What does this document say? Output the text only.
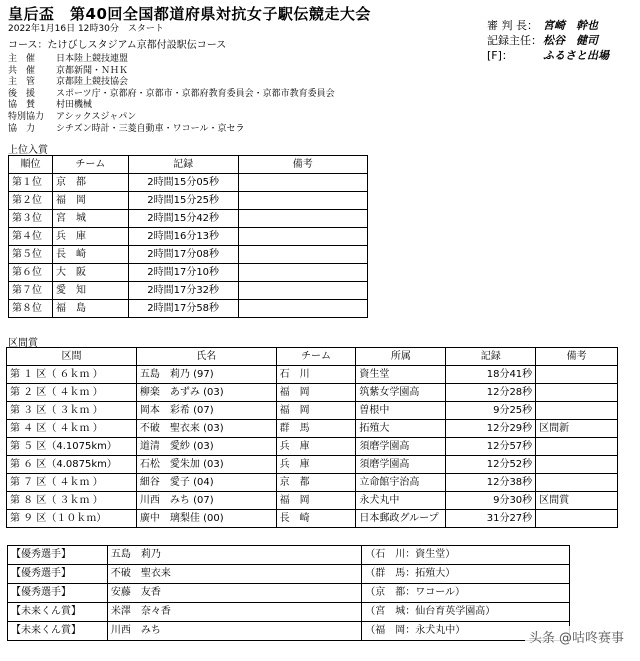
皇后盃　第40回全国都道府県対抗女子駅伝競走大会
2022年1月16日 12時30分　スタート
コース：たけびしスタジアム京都付設駅伝コース
主　催	日本陸上競技連盟
共　催	京都新聞・ＮＨＫ
主　管	京都陸上競技協会
後　援	スポーツ庁・京都府・京都市・京都府教育委員会・京都市教育委員会
協　賛	村田機械
特別協力	アシックスジャパン
協　力	シチズン時計・三菱自動車・ワコール・京セラ
審 判 長： 宮崎　幹也
記録主任： 松谷　健司
[F]：	ふるさと出場
上位入賞
順位	チーム	記録	備考
第１位	京　都	2時間15分05秒	
第２位	福　岡	2時間15分25秒	
第３位	宮　城	2時間15分42秒	
第４位	兵　庫	2時間16分13秒	
第５位	長　崎	2時間17分08秒	
第６位	大　阪	2時間17分10秒	
第７位	愛　知	2時間17分32秒	
第８位	福　島	2時間17分58秒	
区間賞
区間	氏名	チーム	所属	記録	備考
第 １ 区（ ６ｋｍ ）	五島　莉乃 (97)	石　川	資生堂	18分41秒	
第 ２ 区（ ４ｋｍ ）	柳楽　あずみ (03)	福　岡	筑紫女学園高	12分28秒	
第 ３ 区（ ３ｋｍ ）	岡本　彩希 (07)	福　岡	曽根中	9分25秒	
第 ４ 区（ ４ｋｍ ）	不破　聖衣来 (03)	群　馬	拓殖大	12分29秒	区間新
第 ５ 区（4.1075km）	道清　愛紗 (03)	兵　庫	須磨学園高	12分57秒	
第 ６ 区（4.0875km）	石松　愛朱加 (03)	兵　庫	須磨学園高	12分52秒	
第 ７ 区（ ４ｋｍ ）	細谷　愛子 (04)	京　都	立命館宇治高	12分38秒	
第 ８ 区（ ３ｋｍ ）	川西　みち (07)	福　岡	永犬丸中	9分30秒	区間賞
第 ９ 区（１０ｋｍ）	廣中　璃梨佳 (00)	長　崎	日本郵政グループ	31分27秒	
【優秀選手】	五島　莉乃	（石　川：資生堂）
【優秀選手】	不破　聖衣来	（群　馬：拓殖大）
【優秀選手】	安藤　友香	（京　都：ワコール）
【未来くん賞】	米澤　奈々香	（宮　城：仙台育英学園高）
【未来くん賞】	川西　みち	（福　岡：永犬丸中）
头条 @咕咚赛事
